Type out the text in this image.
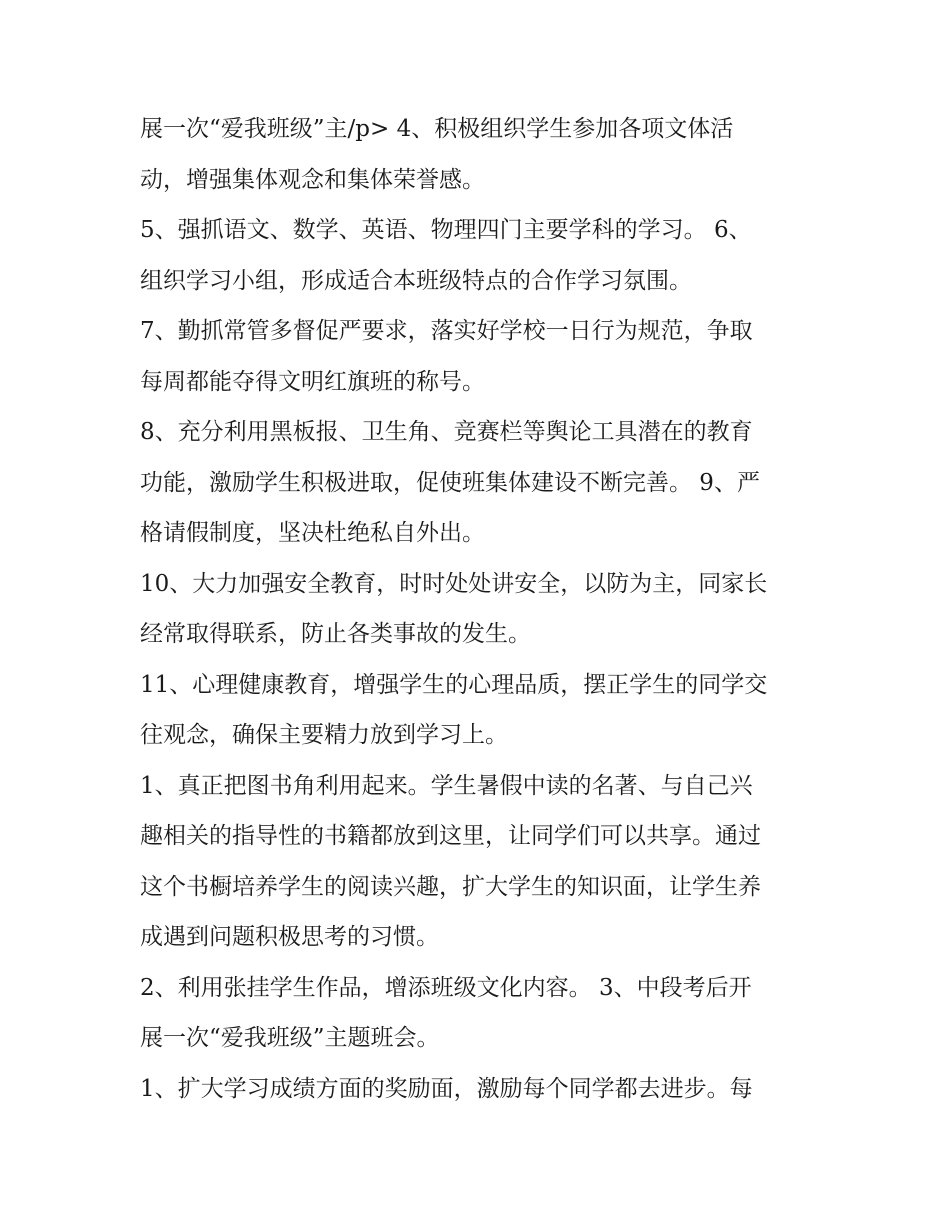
展一次“爱我班级”主/p> 4、积极组织学生参加各项文体活
动，增强集体观念和集体荣誉感。

5、强抓语文、数学、英语、物理四门主要学科的学习。 6、
组织学习小组，形成适合本班级特点的合作学习氛围。

7、勤抓常管多督促严要求，落实好学校一日行为规范，争取
每周都能夺得文明红旗班的称号。

8、充分利用黑板报、卫生角、竞赛栏等舆论工具潜在的教育
功能，激励学生积极进取，促使班集体建设不断完善。 9、严
格请假制度，坚决杜绝私自外出。

10、大力加强安全教育，时时处处讲安全，以防为主，同家长
经常取得联系，防止各类事故的发生。

11、心理健康教育，增强学生的心理品质，摆正学生的同学交
往观念，确保主要精力放到学习上。

1、真正把图书角利用起来。学生暑假中读的名著、与自己兴
趣相关的指导性的书籍都放到这里，让同学们可以共享。通过
这个书橱培养学生的阅读兴趣，扩大学生的知识面，让学生养
成遇到问题积极思考的习惯。

2、利用张挂学生作品，增添班级文化内容。 3、中段考后开
展一次“爱我班级”主题班会。

1、扩大学习成绩方面的奖励面，激励每个同学都去进步。每
